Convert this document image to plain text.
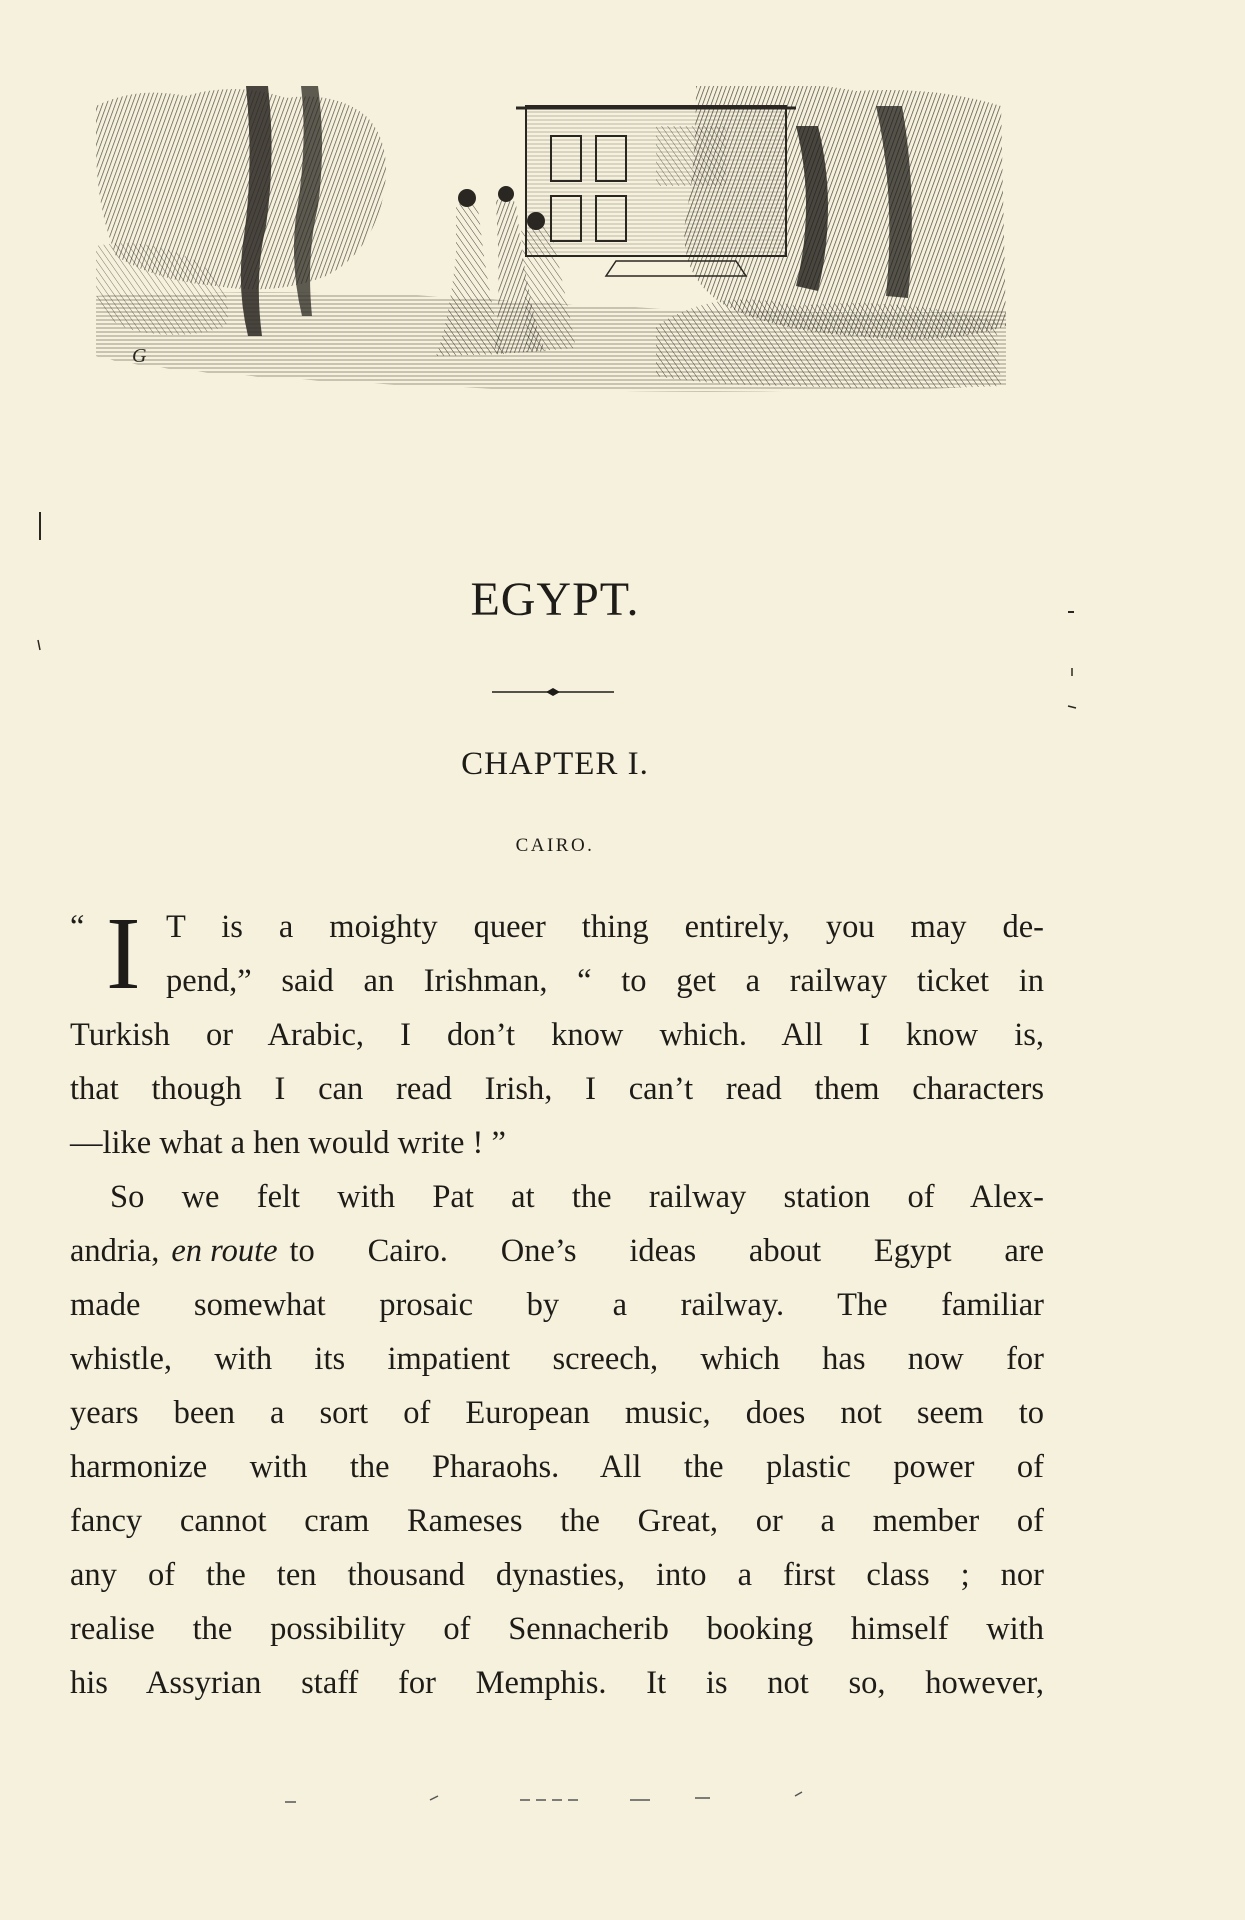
G
EGYPT.
CHAPTER I.
CAIRO.
“ I T is a moighty queer thing entirely, you may de-
pend,” said an Irishman, “ to get a railway ticket in
Turkish or Arabic, I don’t know which. All I know is,
that though I can read Irish, I can’t read them characters
—like what a hen would write ! ”
So we felt with Pat at the railway station of Alex-
andria, en route to Cairo. One’s ideas about Egypt are
made somewhat prosaic by a railway. The familiar
whistle, with its impatient screech, which has now for
years been a sort of European music, does not seem to
harmonize with the Pharaohs. All the plastic power of
fancy cannot cram Rameses the Great, or a member of
any of the ten thousand dynasties, into a first class ; nor
realise the possibility of Sennacherib booking himself with
his Assyrian staff for Memphis. It is not so, however,
